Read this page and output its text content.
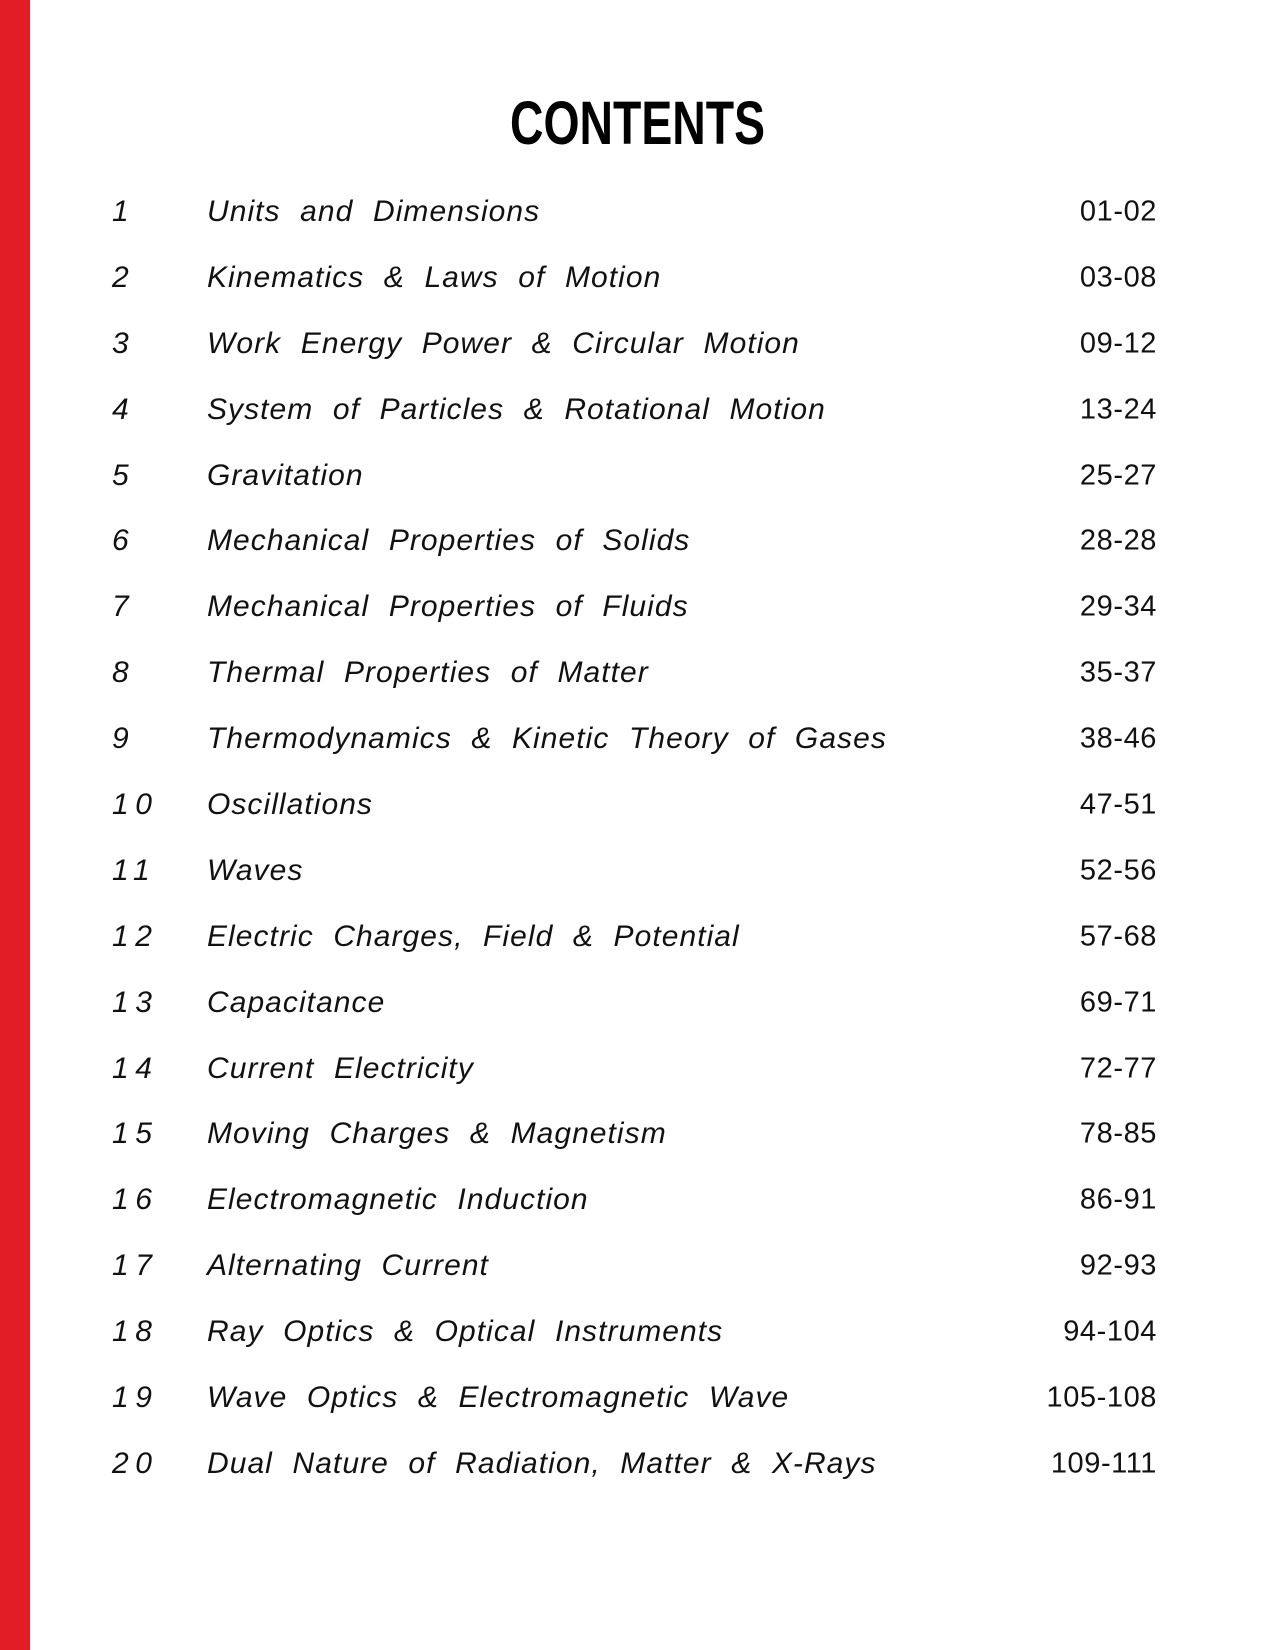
CONTENTS
1 Units and Dimensions	01-02
2 Kinematics & Laws of Motion	03-08
3 Work Energy Power & Circular Motion	09-12
4 System of Particles & Rotational Motion	13-24
5 Gravitation	25-27
6 Mechanical Properties of Solids	28-28
7 Mechanical Properties of Fluids	29-34
8 Thermal Properties of Matter	35-37
9 Thermodynamics & Kinetic Theory of Gases	38-46
10 Oscillations	47-51
11 Waves	52-56
12 Electric Charges, Field & Potential	57-68
13 Capacitance	69-71
14 Current Electricity	72-77
15 Moving Charges & Magnetism	78-85
16 Electromagnetic Induction	86-91
17 Alternating Current	92-93
18 Ray Optics & Optical Instruments	94-104
19 Wave Optics & Electromagnetic Wave	105-108
20 Dual Nature of Radiation, Matter & X-Rays	109-111
